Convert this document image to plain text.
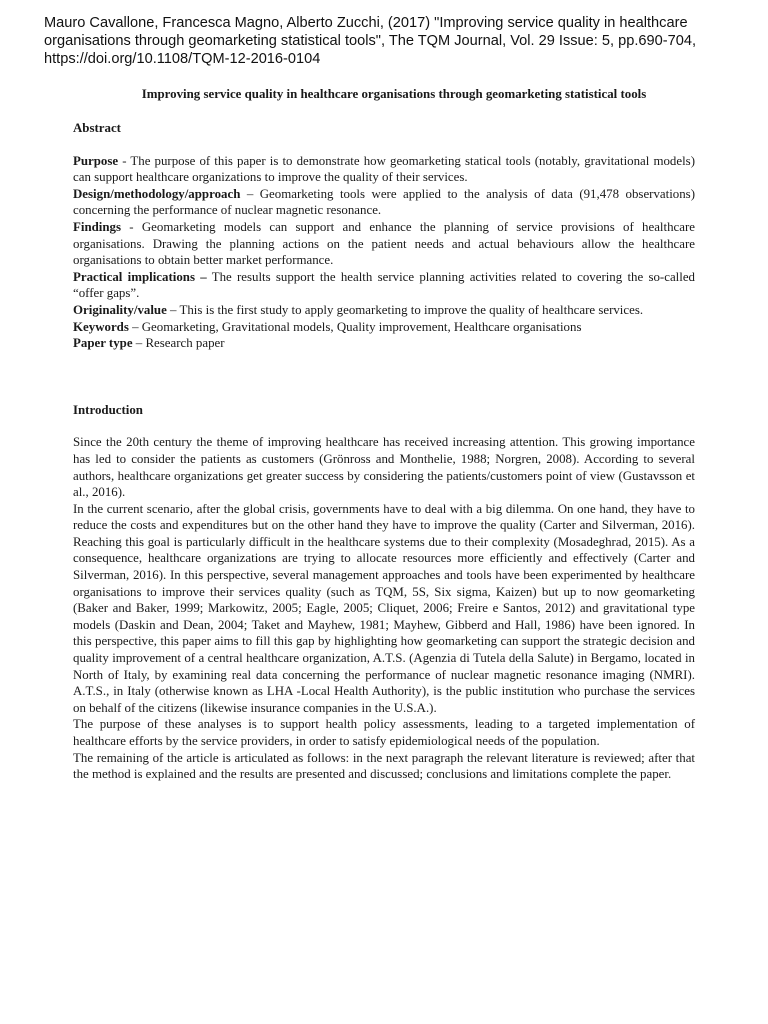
Mauro Cavallone, Francesca Magno, Alberto Zucchi, (2017) "Improving service quality in healthcare organisations through geomarketing statistical tools", The TQM Journal, Vol. 29 Issue: 5, pp.690-704, https://doi.org/10.1108/TQM-12-2016-0104
Improving service quality in healthcare organisations through geomarketing statistical tools
Abstract

Purpose - The purpose of this paper is to demonstrate how geomarketing statical tools (notably, gravitational models) can support healthcare organizations to improve the quality of their services.

Design/methodology/approach – Geomarketing tools were applied to the analysis of data (91,478 observations) concerning the performance of nuclear magnetic resonance.

Findings - Geomarketing models can support and enhance the planning of service provisions of healthcare organisations. Drawing the planning actions on the patient needs and actual behaviours allow the healthcare organisations to obtain better market performance.

Practical implications – The results support the health service planning activities related to covering the so-called “offer gaps”.

Originality/value – This is the first study to apply geomarketing to improve the quality of healthcare services.

Keywords – Geomarketing, Gravitational models, Quality improvement, Healthcare organisations

Paper type – Research paper

Introduction

Since the 20th century the theme of improving healthcare has received increasing attention. This growing importance has led to consider the patients as customers (Grönross and Monthelie, 1988; Norgren, 2008). According to several authors, healthcare organizations get greater success by considering the patients/customers point of view (Gustavsson et al., 2016).

In the current scenario, after the global crisis, governments have to deal with a big dilemma. On one hand, they have to reduce the costs and expenditures but on the other hand they have to improve the quality (Carter and Silverman, 2016). Reaching this goal is particularly difficult in the healthcare systems due to their complexity (Mosadeghrad, 2015). As a consequence, healthcare organizations are trying to allocate resources more efficiently and effectively (Carter and Silverman, 2016). In this perspective, several management approaches and tools have been experimented by healthcare organisations to improve their services quality (such as TQM, 5S, Six sigma, Kaizen) but up to now geomarketing (Baker and Baker, 1999; Markowitz, 2005; Eagle, 2005; Cliquet, 2006; Freire e Santos, 2012) and gravitational type models (Daskin and Dean, 2004; Taket and Mayhew, 1981; Mayhew, Gibberd and Hall, 1986) have been ignored. In this perspective, this paper aims to fill this gap by highlighting how geomarketing can support the strategic decision and quality improvement of a central healthcare organization, A.T.S. (Agenzia di Tutela della Salute) in Bergamo, located in North of Italy, by examining real data concerning the performance of nuclear magnetic resonance imaging (NMRI). A.T.S., in Italy (otherwise known as LHA -Local Health Authority), is the public institution who purchase the services on behalf of the citizens (likewise insurance companies in the U.S.A.).

The purpose of these analyses is to support health policy assessments, leading to a targeted implementation of healthcare efforts by the service providers, in order to satisfy epidemiological needs of the population.

The remaining of the article is articulated as follows: in the next paragraph the relevant literature is reviewed; after that the method is explained and the results are presented and discussed; conclusions and limitations complete the paper.
